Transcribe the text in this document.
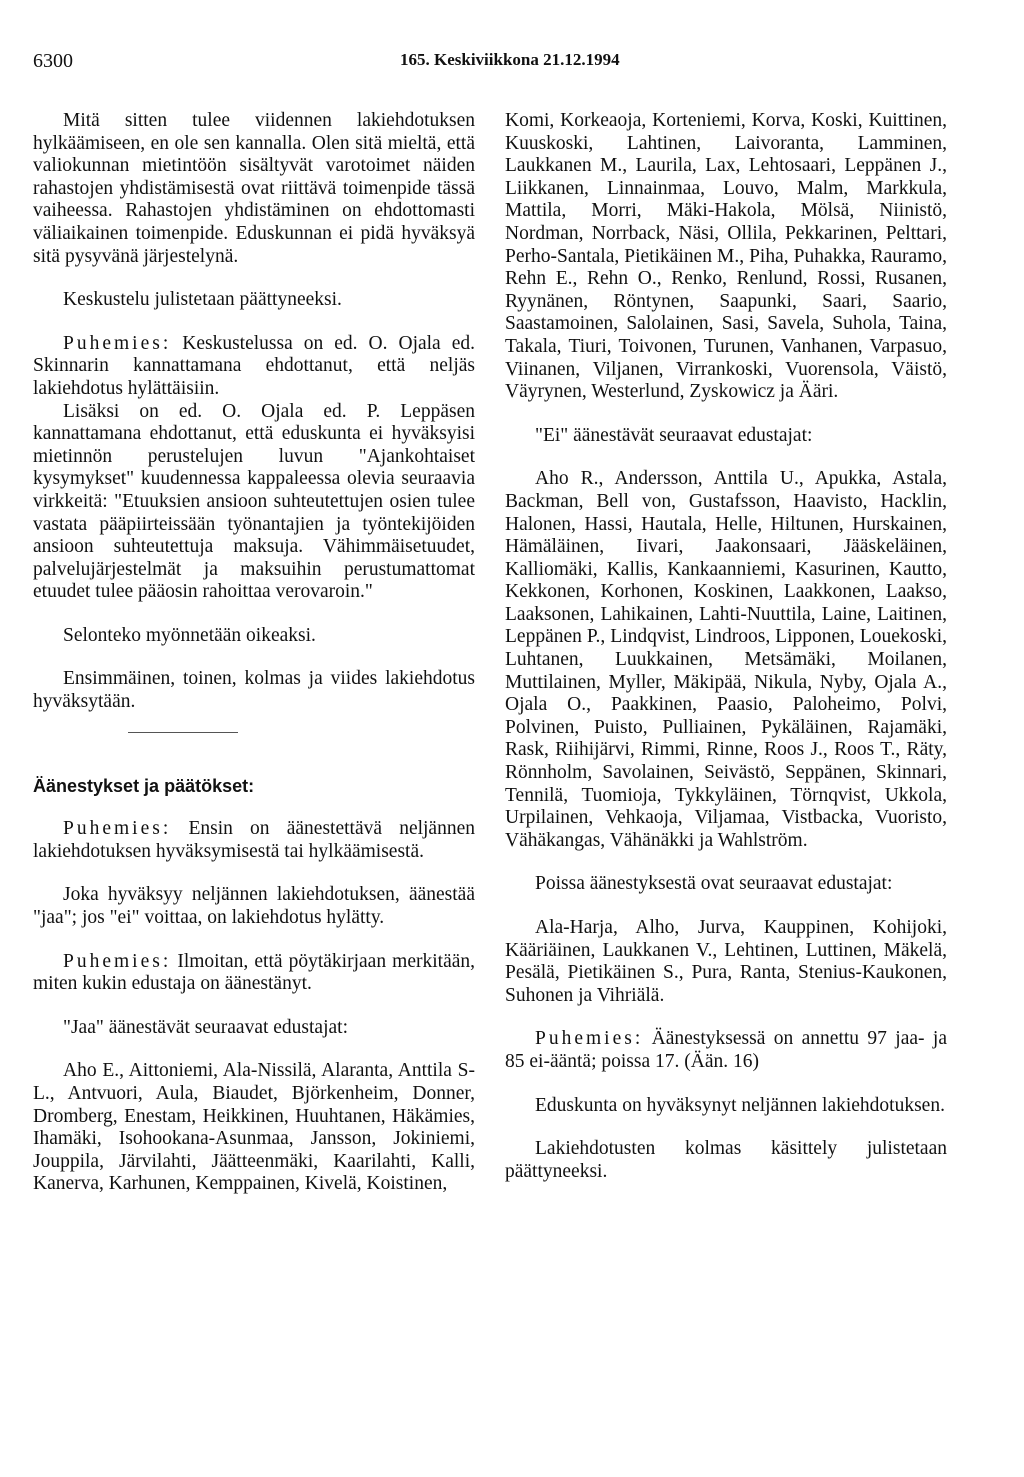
6300	165. Keskiviikkona 21.12.1994

Mitä sitten tulee viidennen lakiehdotuksen hylkäämiseen, en ole sen kannalla. Olen sitä mieltä, että valiokunnan mietintöön sisältyvät varotoimet näiden rahastojen yhdistämisestä ovat riittävä toimenpide tässä vaiheessa. Rahastojen yhdistäminen on ehdottomasti väliaikainen toimenpide. Eduskunnan ei pidä hyväksyä sitä pysyvänä järjestelynä.

Keskustelu julistetaan päättyneeksi.

Puhemies: Keskustelussa on ed. O. Ojala ed. Skinnarin kannattamana ehdottanut, että neljäs lakiehdotus hylättäisiin.

Lisäksi on ed. O. Ojala ed. P. Leppäsen kannattamana ehdottanut, että eduskunta ei hyväksyisi mietinnön perustelujen luvun "Ajankohtaiset kysymykset" kuudennessa kappaleessa olevia seuraavia virkkeitä: "Etuuksien ansioon suhteutettujen osien tulee vastata pääpiirteissään työnantajien ja työntekijöiden ansioon suhteutettuja maksuja. Vähimmäisetuudet, palvelujärjestelmät ja maksuihin perustumattomat etuudet tulee pääosin rahoittaa verovaroin."

Selonteko myönnetään oikeaksi.

Ensimmäinen, toinen, kolmas ja viides lakiehdotus hyväksytään.

Äänestykset ja päätökset:

Puhemies: Ensin on äänestettävä neljännen lakiehdotuksen hyväksymisestä tai hylkäämisestä.

Joka hyväksyy neljännen lakiehdotuksen, äänestää "jaa"; jos "ei" voittaa, on lakiehdotus hylätty.

Puhemies: Ilmoitan, että pöytäkirjaan merkitään, miten kukin edustaja on äänestänyt.

"Jaa" äänestävät seuraavat edustajat:

Aho E., Aittoniemi, Ala-Nissilä, Alaranta, Anttila S-L., Antvuori, Aula, Biaudet, Björkenheim, Donner, Dromberg, Enestam, Heikkinen, Huuhtanen, Häkämies, Ihamäki, Isohookana-Asunmaa, Jansson, Jokiniemi, Jouppila, Järvilahti, Jäätteenmäki, Kaarilahti, Kalli, Kanerva, Karhunen, Kemppainen, Kivelä, Koistinen,

Komi, Korkeaoja, Korteniemi, Korva, Koski, Kuittinen, Kuuskoski, Lahtinen, Laivoranta, Lamminen, Laukkanen M., Laurila, Lax, Lehtosaari, Leppänen J., Liikkanen, Linnainmaa, Louvo, Malm, Markkula, Mattila, Morri, Mäki-Hakola, Mölsä, Niinistö, Nordman, Norrback, Näsi, Ollila, Pekkarinen, Pelttari, Perho-Santala, Pietikäinen M., Piha, Puhakka, Rauramo, Rehn E., Rehn O., Renko, Renlund, Rossi, Rusanen, Ryynänen, Röntynen, Saapunki, Saari, Saario, Saastamoinen, Salolainen, Sasi, Savela, Suhola, Taina, Takala, Tiuri, Toivonen, Turunen, Vanhanen, Varpasuo, Viinanen, Viljanen, Virrankoski, Vuorensola, Väistö, Väyrynen, Westerlund, Zyskowicz ja Ääri.

"Ei" äänestävät seuraavat edustajat:

Aho R., Andersson, Anttila U., Apukka, Astala, Backman, Bell von, Gustafsson, Haavisto, Hacklin, Halonen, Hassi, Hautala, Helle, Hiltunen, Hurskainen, Hämäläinen, Iivari, Jaakonsaari, Jääskeläinen, Kalliomäki, Kallis, Kankaanniemi, Kasurinen, Kautto, Kekkonen, Korhonen, Koskinen, Laakkonen, Laakso, Laaksonen, Lahikainen, Lahti-Nuuttila, Laine, Laitinen, Leppänen P., Lindqvist, Lindroos, Lipponen, Louekoski, Luhtanen, Luukkainen, Metsämäki, Moilanen, Muttilainen, Myller, Mäkipää, Nikula, Nyby, Ojala A., Ojala O., Paakkinen, Paasio, Paloheimo, Polvi, Polvinen, Puisto, Pulliainen, Pykäläinen, Rajamäki, Rask, Riihijärvi, Rimmi, Rinne, Roos J., Roos T., Räty, Rönnholm, Savolainen, Seivästö, Seppänen, Skinnari, Tennilä, Tuomioja, Tykkyläinen, Törnqvist, Ukkola, Urpilainen, Vehkaoja, Viljamaa, Vistbacka, Vuoristo, Vähäkangas, Vähänäkki ja Wahlström.

Poissa äänestyksestä ovat seuraavat edustajat:

Ala-Harja, Alho, Jurva, Kauppinen, Kohijoki, Kääriäinen, Laukkanen V., Lehtinen, Luttinen, Mäkelä, Pesälä, Pietikäinen S., Pura, Ranta, Stenius-Kaukonen, Suhonen ja Vihriälä.

Puhemies: Äänestyksessä on annettu 97 jaa- ja 85 ei-ääntä; poissa 17. (Ään. 16)

Eduskunta on hyväksynyt neljännen lakiehdotuksen.

Lakiehdotusten kolmas käsittely julistetaan päättyneeksi.
